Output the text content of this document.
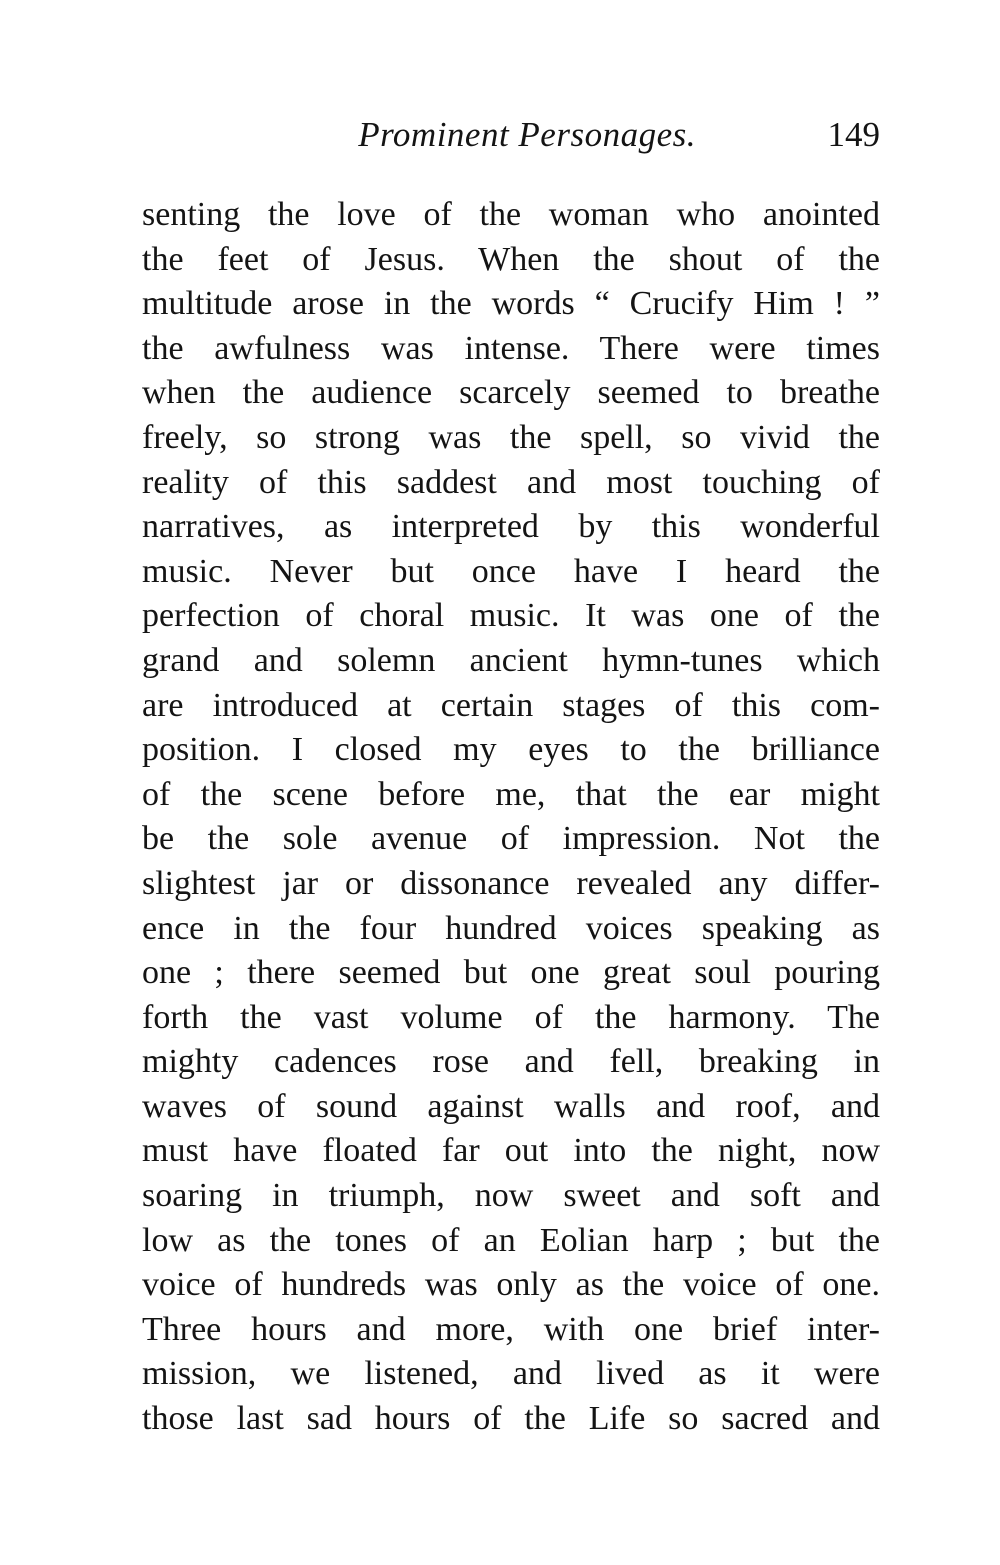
Prominent Personages.	149
senting the love of the woman who anointed
the feet of Jesus. When the shout of the
multitude arose in the words “ Crucify Him ! ”
the awfulness was intense. There were times
when the audience scarcely seemed to breathe
freely, so strong was the spell, so vivid the
reality of this saddest and most touching of
narratives, as interpreted by this wonderful
music. Never but once have I heard the
perfection of choral music. It was one of the
grand and solemn ancient hymn-tunes which
are introduced at certain stages of this com-
position. I closed my eyes to the brilliance
of the scene before me, that the ear might
be the sole avenue of impression. Not the
slightest jar or dissonance revealed any differ-
ence in the four hundred voices speaking as
one ; there seemed but one great soul pouring
forth the vast volume of the harmony. The
mighty cadences rose and fell, breaking in
waves of sound against walls and roof, and
must have floated far out into the night, now
soaring in triumph, now sweet and soft and
low as the tones of an Eolian harp ; but the
voice of hundreds was only as the voice of one.
Three hours and more, with one brief inter-
mission, we listened, and lived as it were
those last sad hours of the Life so sacred and
